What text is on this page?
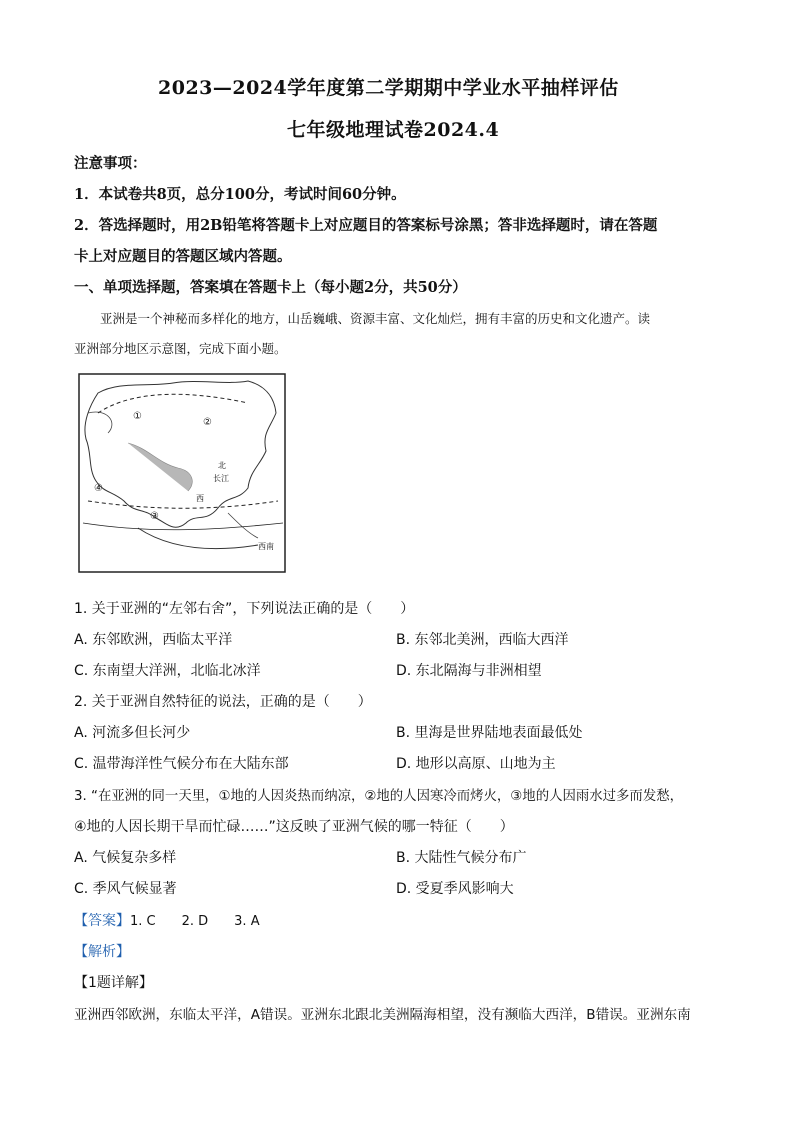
2023—2024学年度第二学期期中学业水平抽样评估
七年级地理试卷2024.4
注意事项：
1．本试卷共8页，总分100分，考试时间60分钟。
2．答选择题时，用2B铅笔将答题卡上对应题目的答案标号涂黑；答非选择题时，请在答题
卡上对应题目的答题区域内答题。
一、单项选择题，答案填在答题卡上（每小题2分，共50分）
亚洲是一个神秘而多样化的地方，山岳巍峨、资源丰富、文化灿烂，拥有丰富的历史和文化遗产。读
亚洲部分地区示意图，完成下面小题。
①
②
③
④
北
西
西南
长江
1. 关于亚洲的“左邻右舍”，下列说法正确的是（　　）
A. 东邻欧洲，西临太平洋	B. 东邻北美洲，西临大西洋
C. 东南望大洋洲，北临北冰洋	D. 东北隔海与非洲相望
2. 关于亚洲自然特征的说法，正确的是（　　）
A. 河流多但长河少	B. 里海是世界陆地表面最低处
C. 温带海洋性气候分布在大陆东部	D. 地形以高原、山地为主
3. “在亚洲的同一天里，①地的人因炎热而纳凉，②地的人因寒冷而烤火，③地的人因雨水过多而发愁，
④地的人因长期干旱而忙碌……”这反映了亚洲气候的哪一特征（　　）
A. 气候复杂多样	B. 大陆性气候分布广
C. 季风气候显著	D. 受夏季风影响大
【答案】1. C　　2. D　　3. A
【解析】
【1题详解】
亚洲西邻欧洲，东临太平洋，A错误。亚洲东北跟北美洲隔海相望，没有濒临大西洋，B错误。亚洲东南
